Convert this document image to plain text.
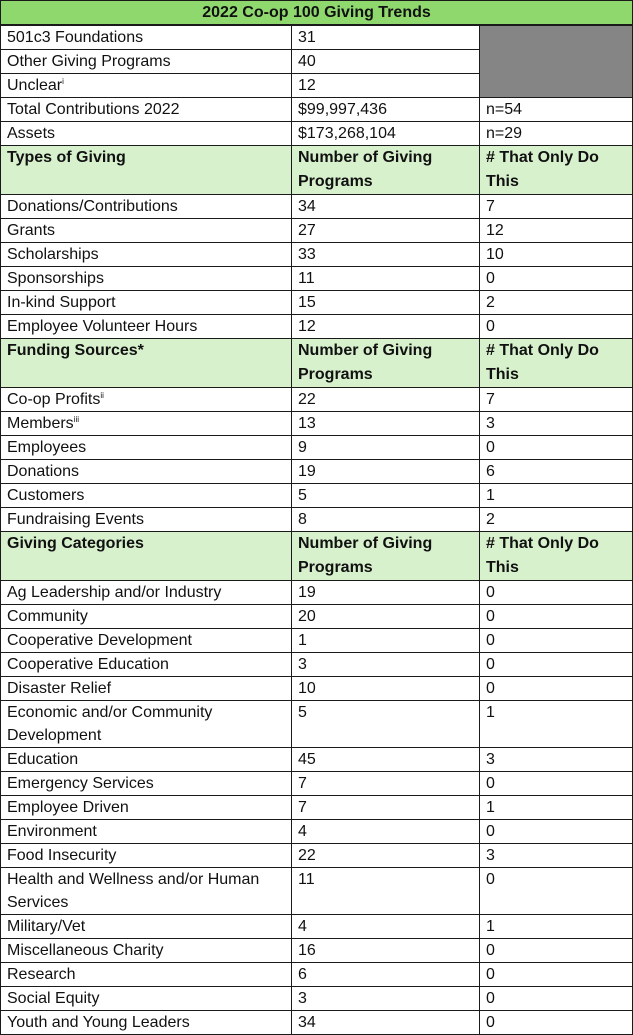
2022 Co-op 100 Giving Trends		
501c3 Foundations	31	
Other Giving Programs	40	
Unclear$^i$	12	
Total Contributions 2022	$99,997,436	n=54
Assets	$173,268,104	n=29
Types of Giving	Number of Giving Programs	# That Only Do This
Donations/Contributions	34	7
Grants	27	12
Scholarships	33	10
Sponsorships	11	0
In-kind Support	15	2
Employee Volunteer Hours	12	0
Funding Sources*	Number of Giving Programs	# That Only Do This
Co-op Profits$^{ii}$	22	7
Members$^{iii}$	13	3
Employees	9	0
Donations	19	6
Customers	5	1
Fundraising Events	8	2
Giving Categories	Number of Giving Programs	# That Only Do This
Ag Leadership and/or Industry	19	0
Community	20	0
Cooperative Development	1	0
Cooperative Education	3	0
Disaster Relief	10	0
Economic and/or Community Development	5	1
Education	45	3
Emergency Services	7	0
Employee Driven	7	1
Environment	4	0
Food Insecurity	22	3
Health and Wellness and/or Human Services	11	0
Military/Vet	4	1
Miscellaneous Charity	16	0
Research	6	0
Social Equity	3	0
Youth and Young Leaders	34	0
